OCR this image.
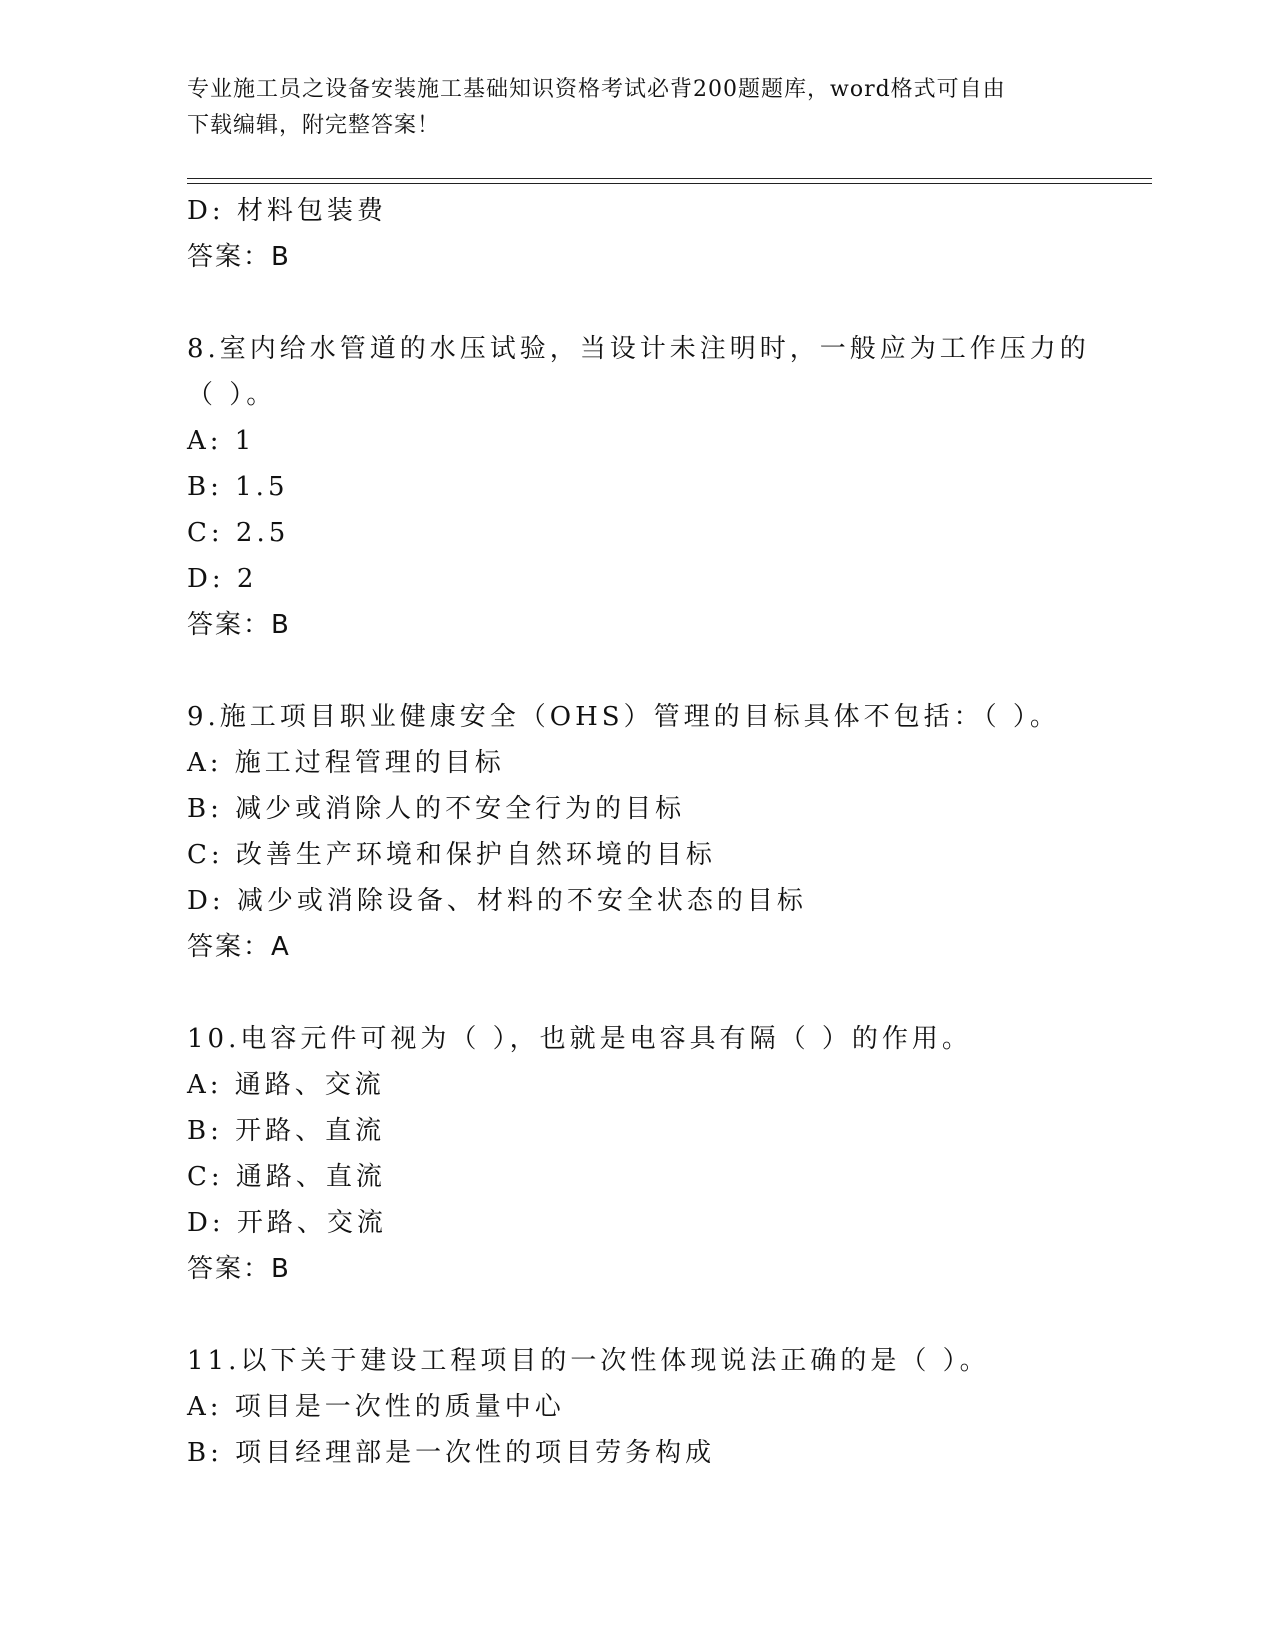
专业施工员之设备安装施工基础知识资格考试必背200题题库，word格式可自由
下载编辑，附完整答案！
D: 材料包装费
答案：B
8.室内给水管道的水压试验，当设计未注明时，一般应为工作压力的
（ ）。
A: 1
B: 1.5
C: 2.5
D: 2
答案：B
9.施工项目职业健康安全（OHS）管理的目标具体不包括：（ ）。
A: 施工过程管理的目标
B: 减少或消除人的不安全行为的目标
C: 改善生产环境和保护自然环境的目标
D: 减少或消除设备、材料的不安全状态的目标
答案：A
10.电容元件可视为（ ），也就是电容具有隔（ ）的作用。
A: 通路、交流
B: 开路、直流
C: 通路、直流
D: 开路、交流
答案：B
11.以下关于建设工程项目的一次性体现说法正确的是（ ）。
A: 项目是一次性的质量中心
B: 项目经理部是一次性的项目劳务构成
